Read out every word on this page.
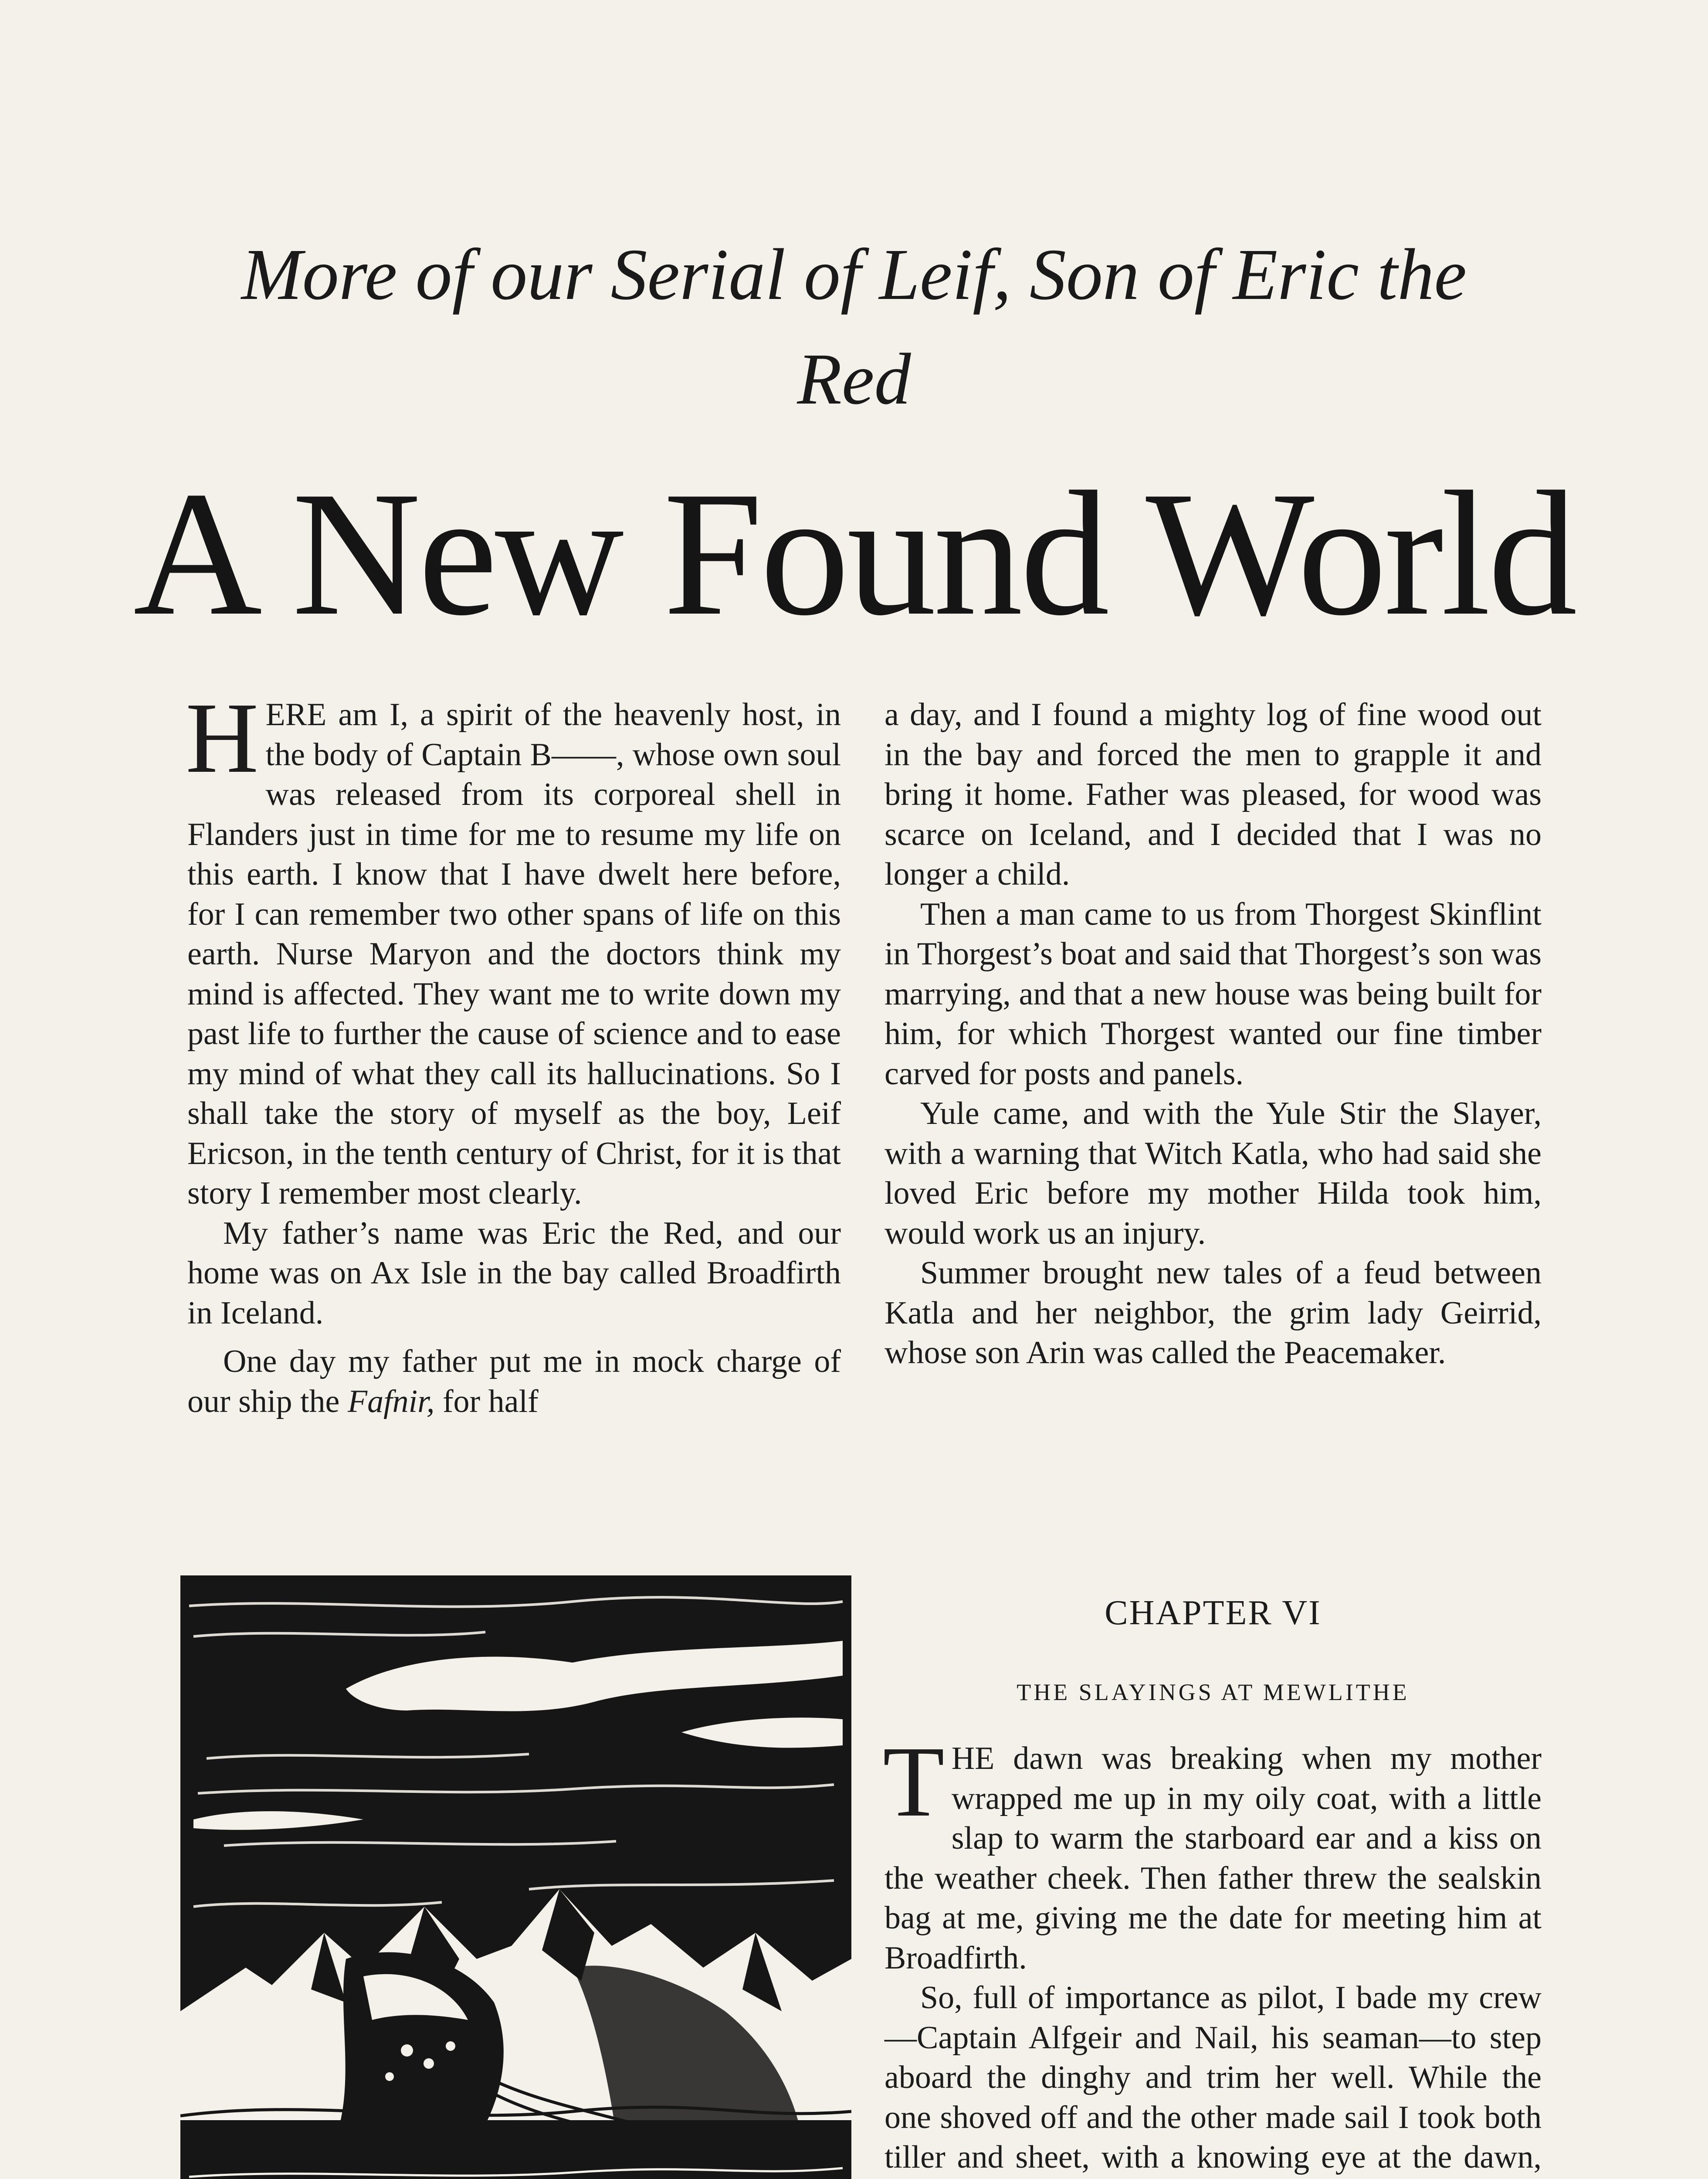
More of our Serial of Leif, Son of Eric the
Red
A New Found World

HERE am I, a spirit of the heavenly host, in the body of Captain B——, whose own soul was released from its corporeal shell in Flanders just in time for me to resume my life on this earth. I know that I have dwelt here before, for I can remember two other spans of life on this earth. Nurse Maryon and the doctors think my mind is affected. They want me to write down my past life to further the cause of science and to ease my mind of what they call its hallucinations. So I shall take the story of myself as the boy, Leif Ericson, in the tenth century of Christ, for it is that story I remember most clearly.

My father’s name was Eric the Red, and our home was on Ax Isle in the bay called Broadfirth in Iceland.

One day my father put me in mock charge of our ship the Fafnir, for half

a day, and I found a mighty log of fine wood out in the bay and forced the men to grapple it and bring it home. Father was pleased, for wood was scarce on Iceland, and I decided that I was no longer a child.

Then a man came to us from Thorgest Skinflint in Thorgest’s boat and said that Thorgest’s son was marrying, and that a new house was being built for him, for which Thorgest wanted our fine timber carved for posts and panels.

Yule came, and with the Yule Stir the Slayer, with a warning that Witch Katla, who had said she loved Eric before my mother Hilda took him, would work us an injury.

Summer brought new tales of a feud between Katla and her neighbor, the grim lady Geirrid, whose son Arin was called the Peacemaker.

CHAPTER VI
THE SLAYINGS AT MEWLITHE

THE dawn was breaking when my mother wrapped me up in my oily coat, with a little slap to warm the starboard ear and a kiss on the weather cheek. Then father threw the sealskin bag at me, giving me the date for meeting him at Broadfirth.

So, full of importance as pilot, I bade my crew—Captain Alfgeir and Nail, his seaman—to step aboard the dinghy and trim her well. While the one shoved off and the other made sail I took both tiller and sheet, with a knowing eye at the dawn,
